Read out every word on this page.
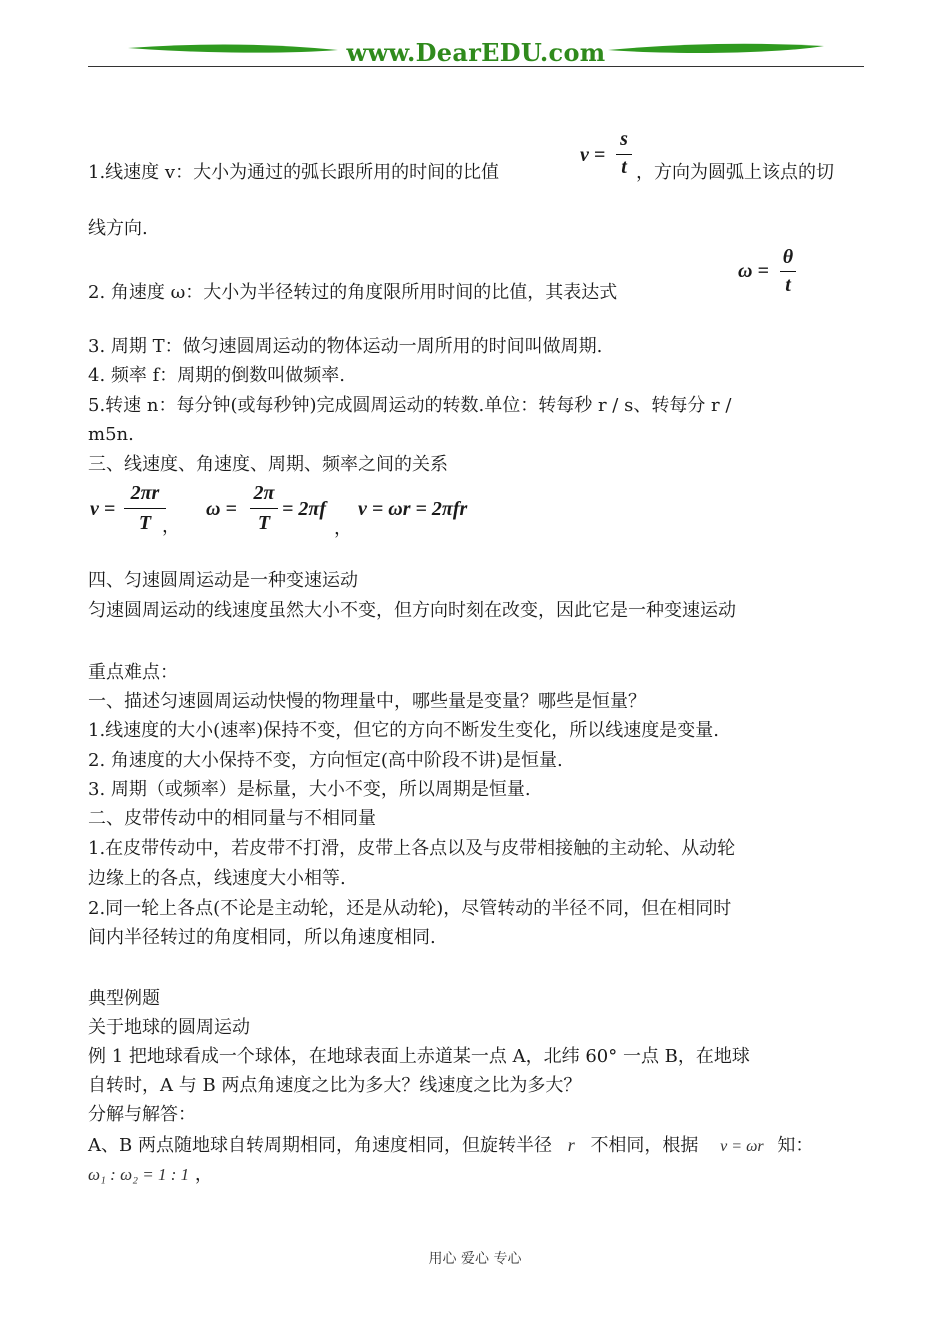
www.DearEDU.com
1.线速度 v：大小为通过的弧长跟所用的时间的比值
v =
s
t ，方向为圆弧上该点的切
线方向.
2. 角速度 ω：大小为半径转过的角度限所用时间的比值，其表达式
ω =
θ
t
3. 周期 T：做匀速圆周运动的物体运动一周所用的时间叫做周期.
4. 频率 f：周期的倒数叫做频率.
5.转速 n：每分钟(或每秒钟)完成圆周运动的转数.单位：转每秒 r / s、转每分 r /
m5n.
三、线速度、角速度、周期、频率之间的关系
v =
2πr
T ，
ω =
2π
T
= 2πf
，
v = ωr = 2πfr
四、匀速圆周运动是一种变速运动
匀速圆周运动的线速度虽然大小不变，但方向时刻在改变，因此它是一种变速运动
重点难点：
一、描述匀速圆周运动快慢的物理量中，哪些量是变量？哪些是恒量？
1.线速度的大小(速率)保持不变，但它的方向不断发生变化，所以线速度是变量.
2. 角速度的大小保持不变，方向恒定(高中阶段不讲)是恒量.
3. 周期（或频率）是标量，大小不变，所以周期是恒量.
二、皮带传动中的相同量与不相同量
1.在皮带传动中，若皮带不打滑，皮带上各点以及与皮带相接触的主动轮、从动轮
边缘上的各点，线速度大小相等.
2.同一轮上各点(不论是主动轮，还是从动轮)，尽管转动的半径不同，但在相同时
间内半径转过的角度相同，所以角速度相同.
典型例题
关于地球的圆周运动
例 1 把地球看成一个球体，在地球表面上赤道某一点 A，北纬 60° 一点 B，在地球
自转时，A 与 B 两点角速度之比为多大？线速度之比为多大？
分解与解答：
A、B 两点随地球自转周期相同，角速度相同，但旋转半径 r 不相同，根据 v = ωr 知：
ω₁ : ω₂ = 1 : 1 ，
用心 爱心 专心
